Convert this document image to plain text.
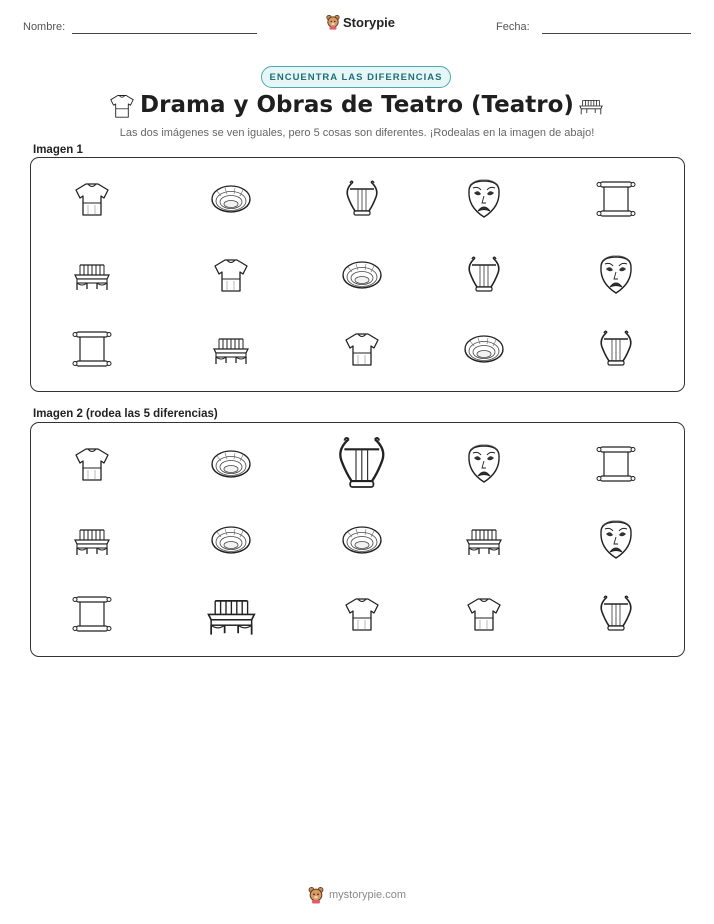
Nombre:	Storypie	Fecha:
ENCUENTRA LAS DIFERENCIAS
Drama y Obras de Teatro (Teatro)
Las dos imágenes se ven iguales, pero 5 cosas son diferentes. ¡Rodealas en la imagen de abajo!
Imagen 1
Imagen 2 (rodea las 5 diferencias)
mystorypie.com
